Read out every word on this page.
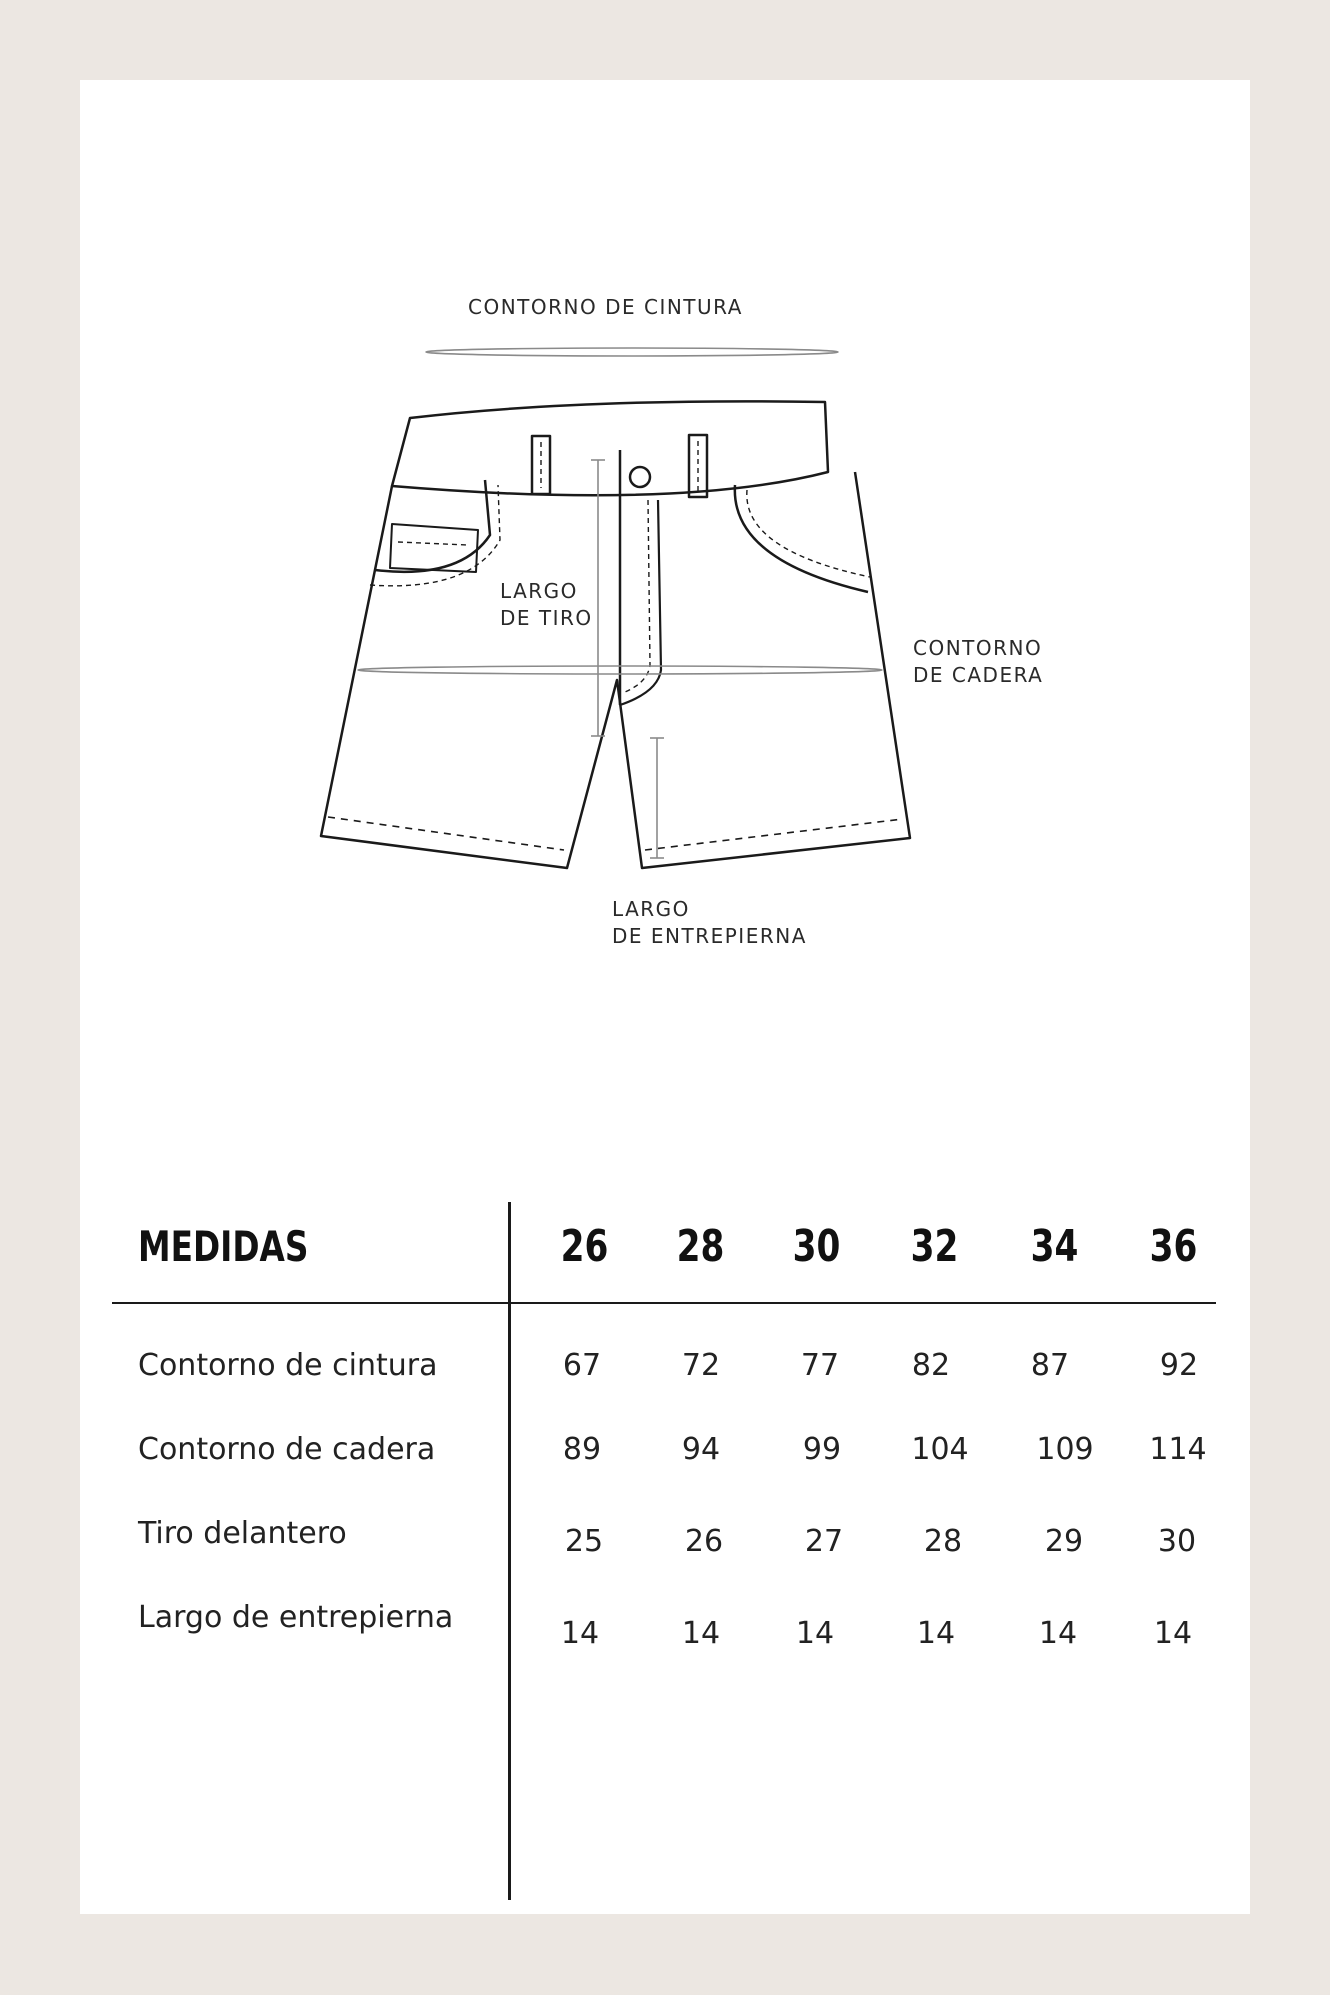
CONTORNO DE CINTURA
LARGO
DE TIRO
CONTORNO
DE CADERA
LARGO
DE ENTREPIERNA
MEDIDAS	26 28 30 32 34 36
Contorno de cintura	67	72	77	82	87	92
Contorno de cadera	89	94	99	104	109	114
Tiro delantero	25	26	27	28	29	30
Largo de entrepierna	14	14	14	14	14	14
